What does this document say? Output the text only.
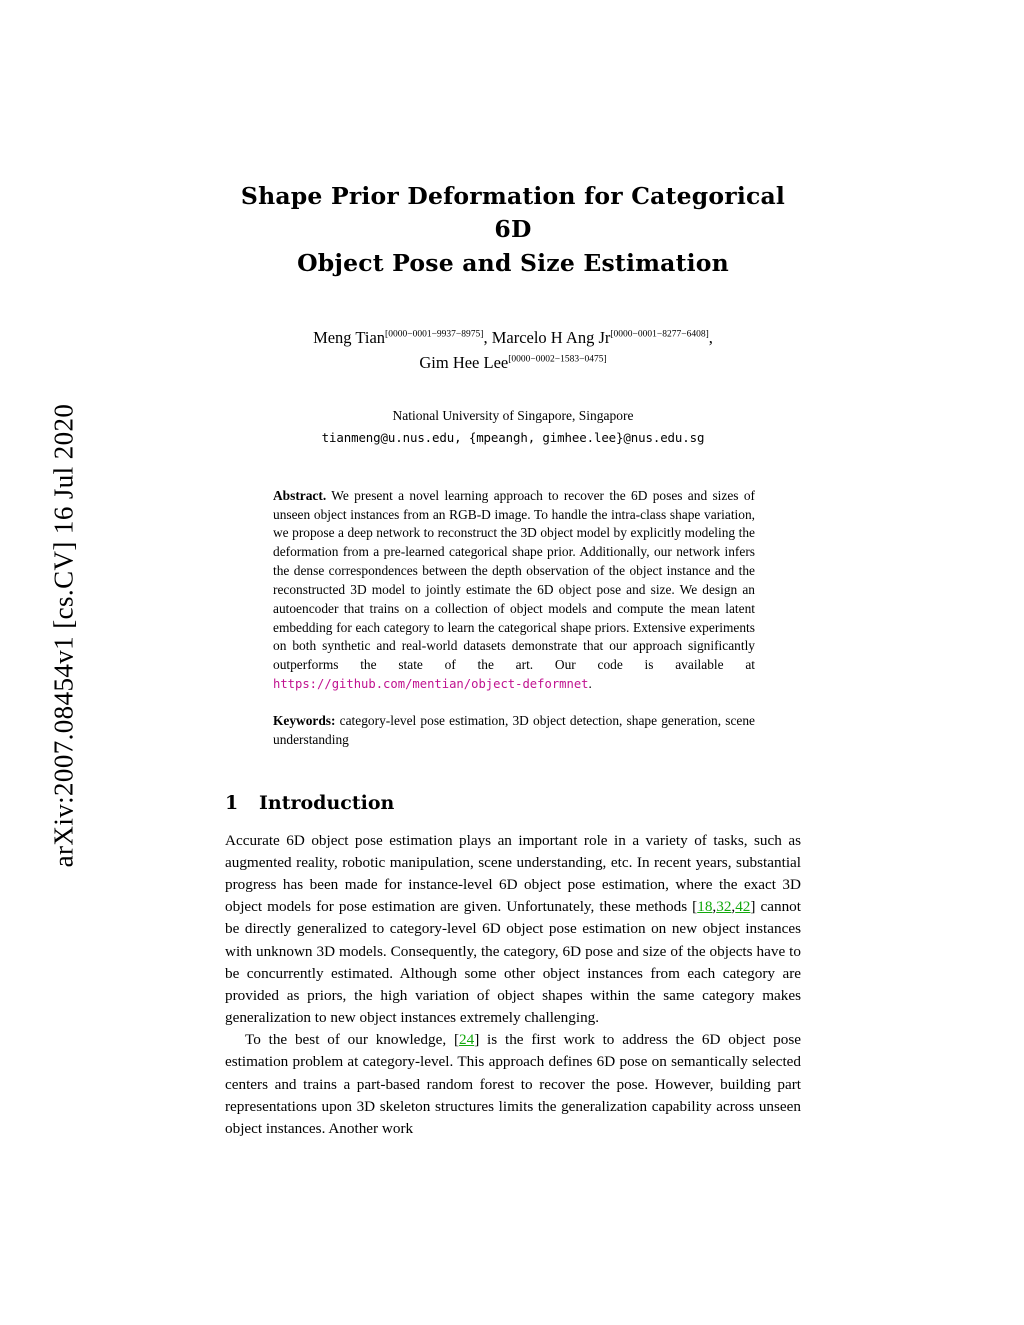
arXiv:2007.08454v1 [cs.CV] 16 Jul 2020
Shape Prior Deformation for Categorical 6D
Object Pose and Size Estimation
Meng Tian[0000−0001−9937−8975], Marcelo H Ang Jr[0000−0001−8277−6408],
Gim Hee Lee[0000−0002−1583−0475]
National University of Singapore, Singapore
tianmeng@u.nus.edu, {mpeangh, gimhee.lee}@nus.edu.sg
Abstract. We present a novel learning approach to recover the 6D poses and sizes of unseen object instances from an RGB-D image. To handle the intra-class shape variation, we propose a deep network to reconstruct the 3D object model by explicitly modeling the deformation from a pre-learned categorical shape prior. Additionally, our network infers the dense correspondences between the depth observation of the object instance and the reconstructed 3D model to jointly estimate the 6D object pose and size. We design an autoencoder that trains on a collection of object models and compute the mean latent embedding for each category to learn the categorical shape priors. Extensive experiments on both synthetic and real-world datasets demonstrate that our approach significantly outperforms the state of the art. Our code is available at https://github.com/mentian/object-deformnet.
Keywords: category-level pose estimation, 3D object detection, shape generation, scene understanding
1 Introduction

Accurate 6D object pose estimation plays an important role in a variety of tasks, such as augmented reality, robotic manipulation, scene understanding, etc. In recent years, substantial progress has been made for instance-level 6D object pose estimation, where the exact 3D object models for pose estimation are given. Unfortunately, these methods [18,32,42] cannot be directly generalized to category-level 6D object pose estimation on new object instances with unknown 3D models. Consequently, the category, 6D pose and size of the objects have to be concurrently estimated. Although some other object instances from each category are provided as priors, the high variation of object shapes within the same category makes generalization to new object instances extremely challenging.

To the best of our knowledge, [24] is the first work to address the 6D object pose estimation problem at category-level. This approach defines 6D pose on semantically selected centers and trains a part-based random forest to recover the pose. However, building part representations upon 3D skeleton structures limits the generalization capability across unseen object instances. Another work
